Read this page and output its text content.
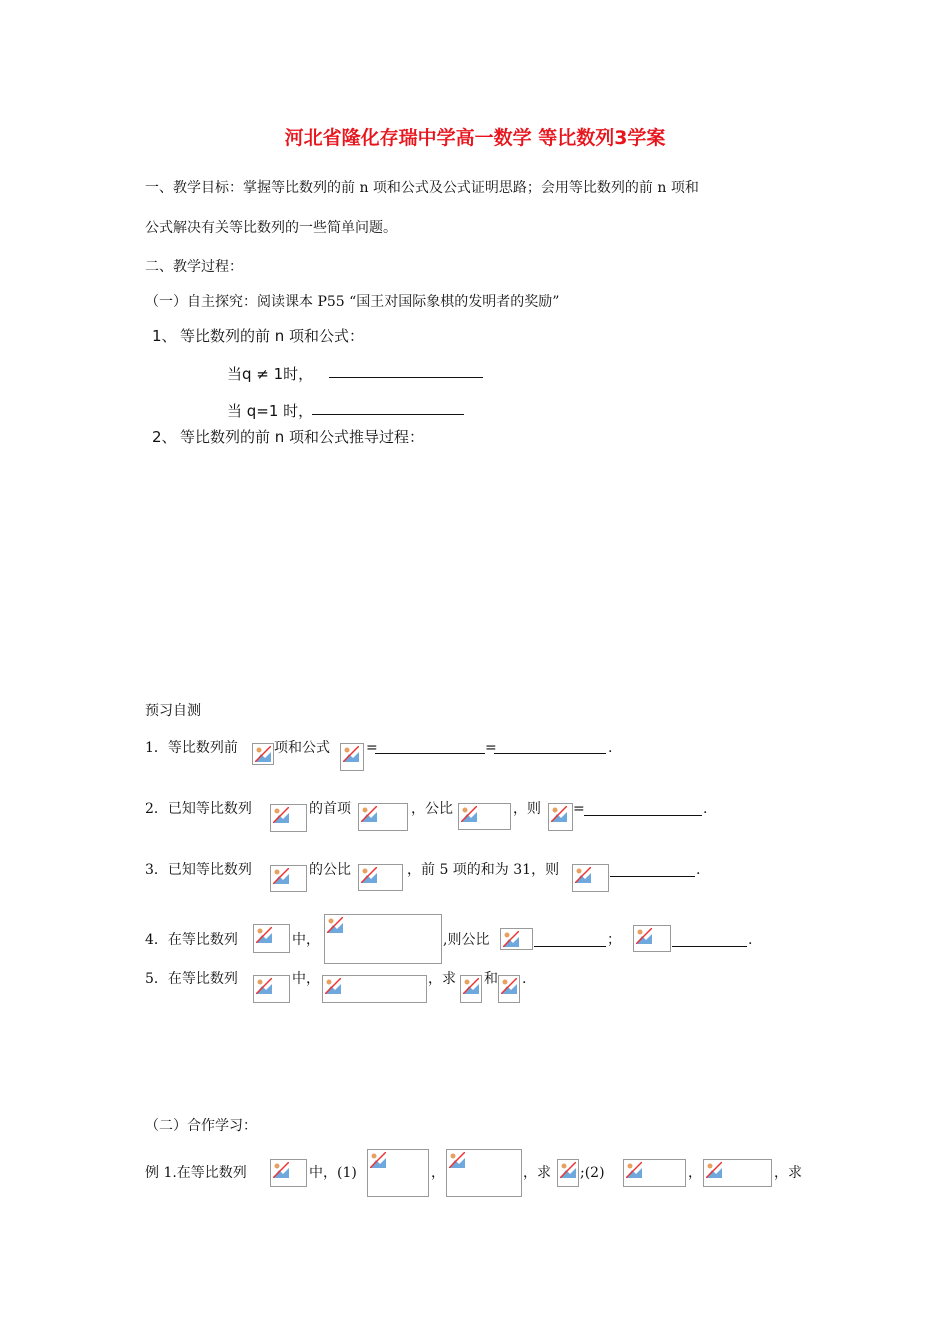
河北省隆化存瑞中学高一数学 等比数列3学案
一、教学目标：掌握等比数列的前 n 项和公式及公式证明思路；会用等比数列的前 n 项和
公式解决有关等比数列的一些简单问题。
二、教学过程：
（一）自主探究：阅读课本 P55 “国王对国际象棋的发明者的奖励”
1、 等比数列的前 n 项和公式：
当q ≠ 1时，
当 q=1 时，
2、 等比数列的前 n 项和公式推导过程：
预习自测
1．等比数列前	项和公式	=	=	.
2．已知等比数列	的首项	，公比	，则 =	.
3．已知等比数列	的公比	，前 5 项的和为 31，则	.
4．在等比数列	中，	,则公比	；	.
5．在等比数列	中，	，求 和 .
（二）合作学习：
例 1.在等比数列	中，(1)	，	，求 ;(2)	，	，求
